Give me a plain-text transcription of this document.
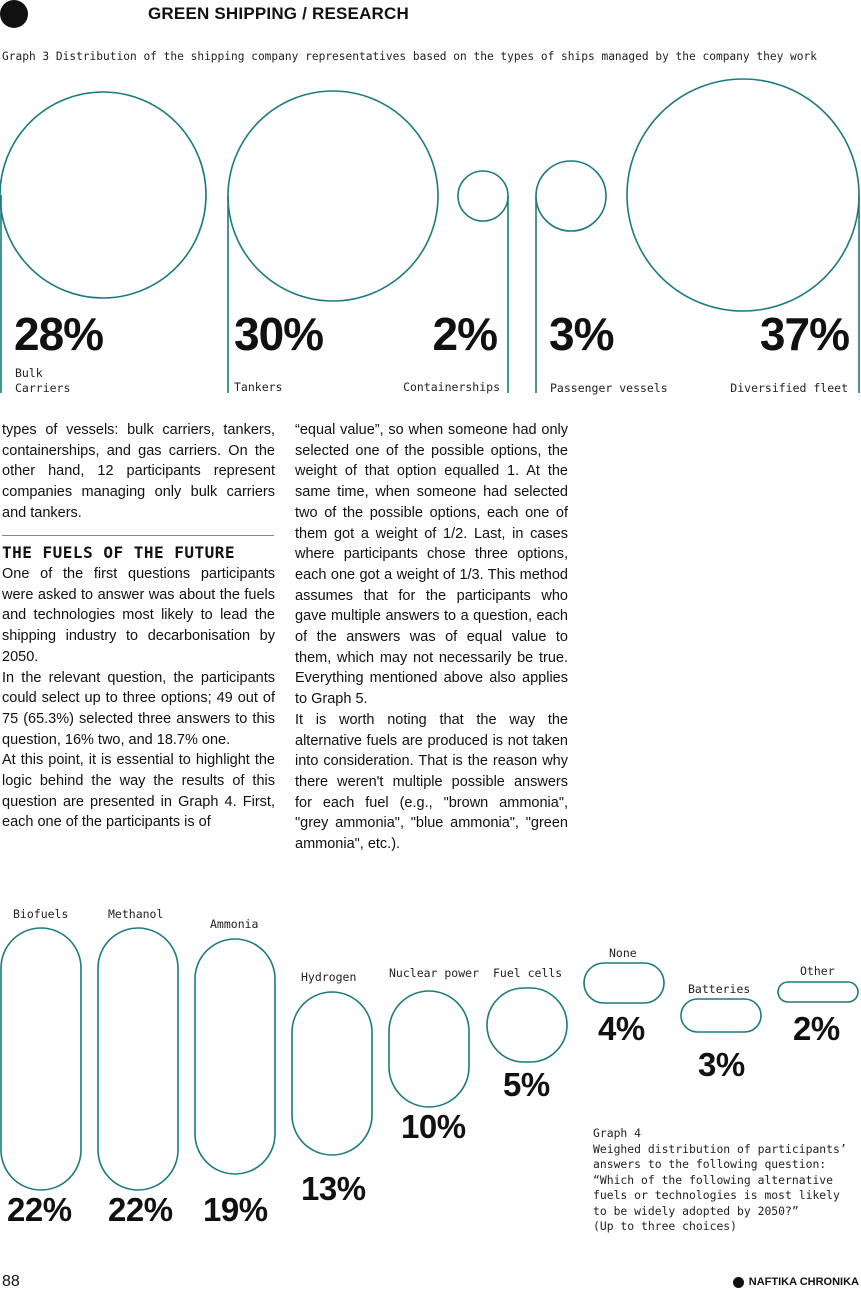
GREEN SHIPPING / RESEARCH
Graph 3 Distribution of the shipping company representatives based on the types of ships managed by the company they work
28%
Bulk
Carriers
30%
Tankers
2%
Containerships
3%
Passenger vessels
37%
Diversified fleet

types of vessels: bulk carriers, tankers, containerships, and gas carriers. On the other hand, 12 participants represent companies managing only bulk carriers and tankers.

THE FUELS OF THE FUTURE

One of the first questions participants were asked to answer was about the fuels and technologies most likely to lead the shipping industry to decarbonisation by 2050.

In the relevant question, the participants could select up to three options; 49 out of 75 (65.3%) selected three answers to this question, 16% two, and 18.7% one.

At this point, it is essential to highlight the logic behind the way the results of this question are presented in Graph 4. First, each one of the participants is of

“equal value”, so when someone had only selected one of the possible options, the weight of that option equalled 1. At the same time, when someone had selected two of the possible options, each one of them got a weight of 1/2. Last, in cases where participants chose three options, each one got a weight of 1/3. This method assumes that for the participants who gave multiple answers to a question, each of the answers was of equal value to them, which may not necessarily be true. Everything mentioned above also applies to Graph 5.

It is worth noting that the way the alternative fuels are produced is not taken into consideration. That is the reason why there weren't multiple possible answers for each fuel (e.g., "brown ammonia", "grey ammonia", "blue ammonia", "green ammonia", etc.).

Biofuels	Methanol
Ammonia
Hydrogen	Nuclear power Fuel cells
None
Batteries
Other
22% 22% 19%
13%
10%
5%
4%
3%
2%
Graph 4
Weighed distribution of participants’
answers to the following question:
“Which of the following alternative
fuels or technologies is most likely
to be widely adopted by 2050?”
(Up to three choices)
88	NAFTIKA CHRONIKA
